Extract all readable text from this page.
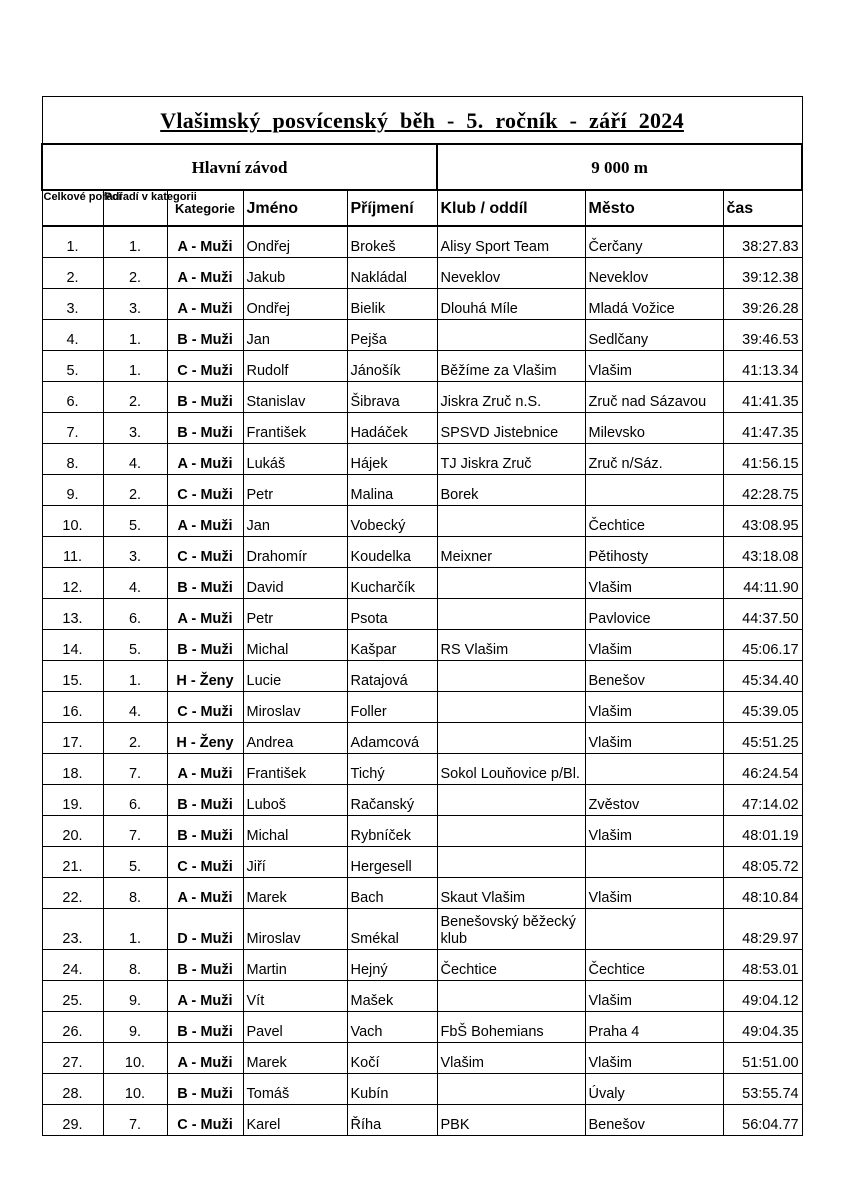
Vlašimský posvícenský běh - 5. ročník - září 2024							
Hlavní závod					9 000 m		
Celkové pořadí	Pořadí v kategorii	Kategorie	Jméno	Příjmení	Klub / oddíl	Město	čas
1.	1.	A - Muži	Ondřej	Brokeš	Alisy Sport Team	Čerčany	38:27.83
2.	2.	A - Muži	Jakub	Nakládal	Neveklov	Neveklov	39:12.38
3.	3.	A - Muži	Ondřej	Bielik	Dlouhá Míle	Mladá Vožice	39:26.28
4.	1.	B - Muži	Jan	Pejša		Sedlčany	39:46.53
5.	1.	C - Muži	Rudolf	Jánošík	Běžíme za Vlašim	Vlašim	41:13.34
6.	2.	B - Muži	Stanislav	Šibrava	Jiskra Zruč n.S.	Zruč nad Sázavou	41:41.35
7.	3.	B - Muži	František	Hadáček	SPSVD Jistebnice	Milevsko	41:47.35
8.	4.	A - Muži	Lukáš	Hájek	TJ Jiskra Zruč	Zruč n/Sáz.	41:56.15
9.	2.	C - Muži	Petr	Malina	Borek		42:28.75
10.	5.	A - Muži	Jan	Vobecký		Čechtice	43:08.95
11.	3.	C - Muži	Drahomír	Koudelka	Meixner	Pětihosty	43:18.08
12.	4.	B - Muži	David	Kucharčík		Vlašim	44:11.90
13.	6.	A - Muži	Petr	Psota		Pavlovice	44:37.50
14.	5.	B - Muži	Michal	Kašpar	RS Vlašim	Vlašim	45:06.17
15.	1.	H - Ženy	Lucie	Ratajová		Benešov	45:34.40
16.	4.	C - Muži	Miroslav	Foller		Vlašim	45:39.05
17.	2.	H - Ženy	Andrea	Adamcová		Vlašim	45:51.25
18.	7.	A - Muži	František	Tichý	Sokol Louňovice p/Bl.		46:24.54
19.	6.	B - Muži	Luboš	Račanský		Zvěstov	47:14.02
20.	7.	B - Muži	Michal	Rybníček		Vlašim	48:01.19
21.	5.	C - Muži	Jiří	Hergesell			48:05.72
22.	8.	A - Muži	Marek	Bach	Skaut Vlašim	Vlašim	48:10.84
23.	1.	D - Muži	Miroslav	Smékal	Benešovský běžecký klub		48:29.97
24.	8.	B - Muži	Martin	Hejný	Čechtice	Čechtice	48:53.01
25.	9.	A - Muži	Vít	Mašek		Vlašim	49:04.12
26.	9.	B - Muži	Pavel	Vach	FbŠ Bohemians	Praha 4	49:04.35
27.	10.	A - Muži	Marek	Kočí	Vlašim	Vlašim	51:51.00
28.	10.	B - Muži	Tomáš	Kubín		Úvaly	53:55.74
29.	7.	C - Muži	Karel	Říha	PBK	Benešov	56:04.77
